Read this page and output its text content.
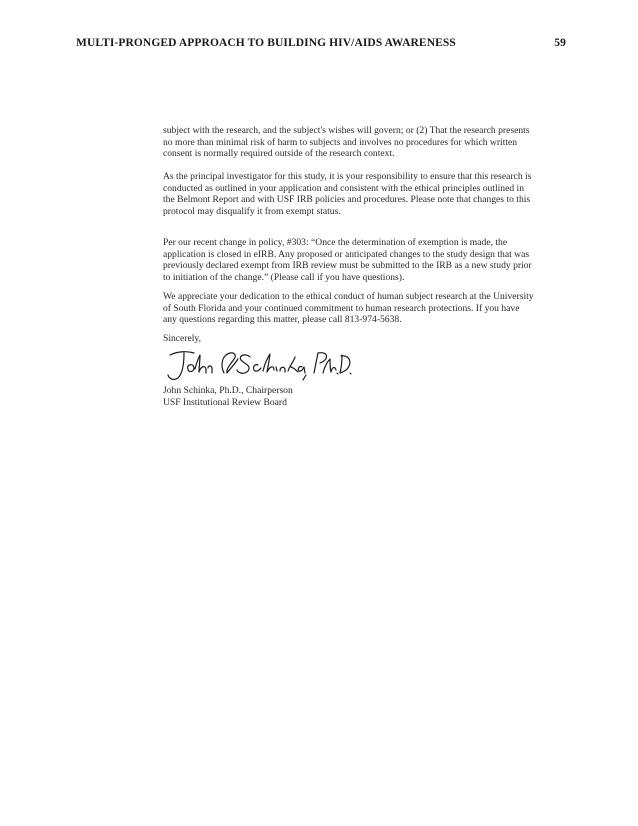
MULTI-PRONGED APPROACH TO BUILDING HIV/AIDS AWARENESS	59

subject with the research, and the subject's wishes will govern; or (2) That the research presents
no more than minimal risk of harm to subjects and involves no procedures for which written
consent is normally required outside of the research context.

As the principal investigator for this study, it is your responsibility to ensure that this research is
conducted as outlined in your application and consistent with the ethical principles outlined in
the Belmont Report and with USF IRB policies and procedures. Please note that changes to this
protocol may disqualify it from exempt status.

Per our recent change in policy, #303: “Once the determination of exemption is made, the
application is closed in eIRB. Any proposed or anticipated changes to the study design that was
previously declared exempt from IRB review must be submitted to the IRB as a new study prior
to initiation of the change.” (Please call if you have questions).

We appreciate your dedication to the ethical conduct of human subject research at the University
of South Florida and your continued commitment to human research protections. If you have
any questions regarding this matter, please call 813-974-5638.

Sincerely,

John Schinka, Ph.D., Chairperson
USF Institutional Review Board
